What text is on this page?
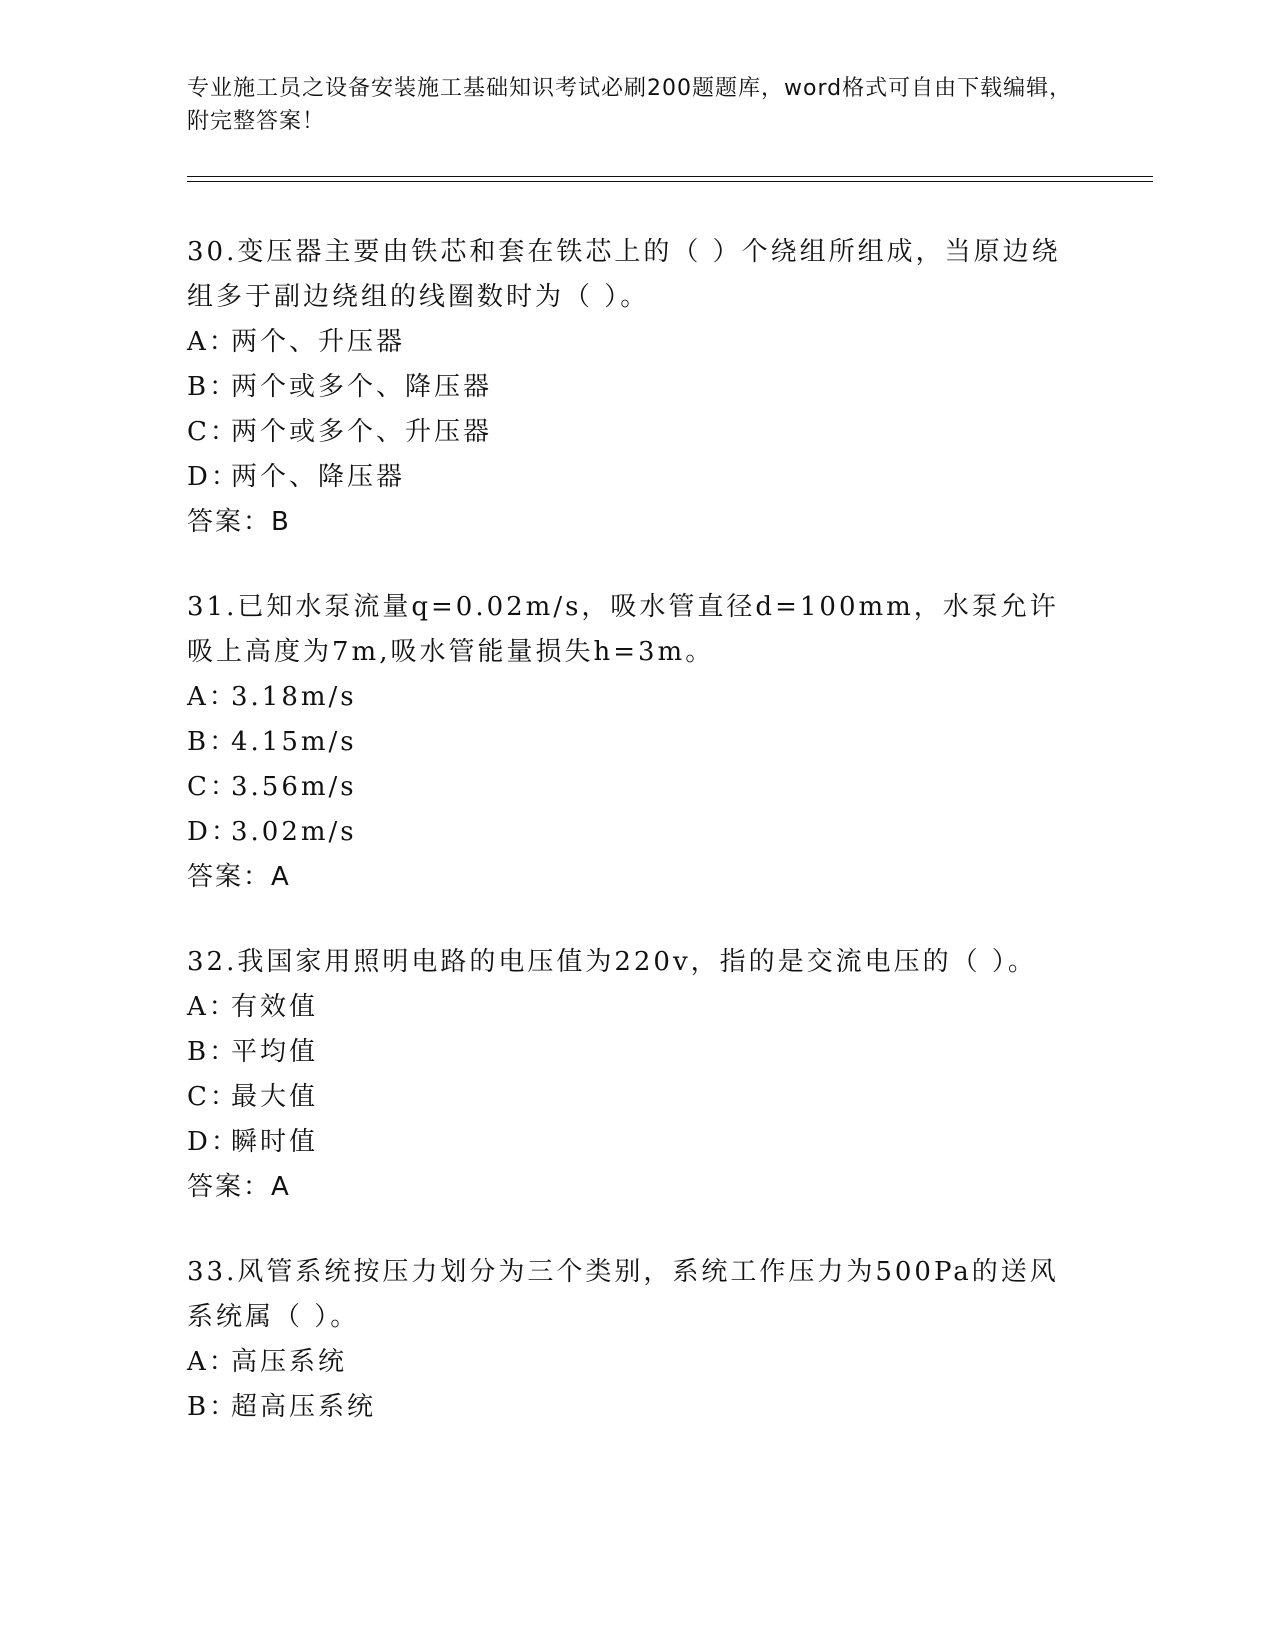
专业施工员之设备安装施工基础知识考试必刷200题题库，word格式可自由下载编辑，附完整答案！

30.变压器主要由铁芯和套在铁芯上的（ ）个绕组所组成，当原边绕组多于副边绕组的线圈数时为（ ）。

A：两个、升压器

B：两个或多个、降压器

C：两个或多个、升压器

D：两个、降压器

答案：B

31.已知水泵流量q=0.02m/s，吸水管直径d=100mm，水泵允许吸上高度为7m,吸水管能量损失h=3m。

A：3.18m/s

B：4.15m/s

C：3.56m/s

D：3.02m/s

答案：A

32.我国家用照明电路的电压值为220v，指的是交流电压的（ ）。

A：有效值

B：平均值

C：最大值

D：瞬时值

答案：A

33.风管系统按压力划分为三个类别，系统工作压力为500Pa的送风系统属（ ）。

A：高压系统

B：超高压系统
